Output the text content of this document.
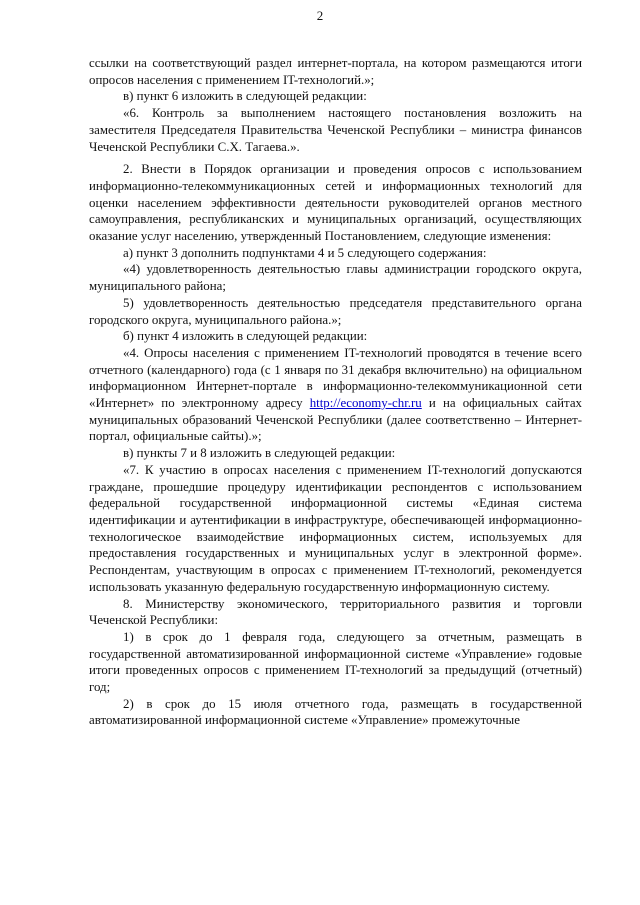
2

ссылки на соответствующий раздел интернет-портала, на котором размещаются итоги опросов населения с применением IT-технологий.»;

в) пункт 6 изложить в следующей редакции:

«6. Контроль за выполнением настоящего постановления возложить на заместителя Председателя Правительства Чеченской Республики – министра финансов Чеченской Республики С.Х. Тагаева.».

2. Внести в Порядок организации и проведения опросов с использованием информационно-телекоммуникационных сетей и информационных технологий для оценки населением эффективности деятельности руководителей органов местного самоуправления, республиканских и муниципальных организаций, осуществляющих оказание услуг населению, утвержденный Постановлением, следующие изменения:

а) пункт 3 дополнить подпунктами 4 и 5 следующего содержания:

«4) удовлетворенность деятельностью главы администрации городского округа, муниципального района;

5) удовлетворенность деятельностью председателя представительного органа городского округа, муниципального района.»;

б) пункт 4 изложить в следующей редакции:

«4. Опросы населения с применением IT-технологий проводятся в течение всего отчетного (календарного) года (с 1 января по 31 декабря включительно) на официальном информационном Интернет-портале в информационно-телекоммуникационной сети «Интернет» по электронному адресу http://economy-chr.ru и на официальных сайтах муниципальных образований Чеченской Республики (далее соответственно – Интернет-портал, официальные сайты).»;

в) пункты 7 и 8 изложить в следующей редакции:

«7. К участию в опросах населения с применением IT-технологий допускаются граждане, прошедшие процедуру идентификации респондентов с использованием федеральной государственной информационной системы «Единая система идентификации и аутентификации в инфраструктуре, обеспечивающей информационно-технологическое взаимодействие информационных систем, используемых для предоставления государственных и муниципальных услуг в электронной форме». Респондентам, участвующим в опросах с применением IT-технологий, рекомендуется использовать указанную федеральную государственную информационную систему.

8. Министерству экономического, территориального развития и торговли Чеченской Республики:

1) в срок до 1 февраля года, следующего за отчетным, размещать в государственной автоматизированной информационной системе «Управление» годовые итоги проведенных опросов с применением IT-технологий за предыдущий (отчетный) год;

2) в срок до 15 июля отчетного года, размещать в государственной автоматизированной информационной системе «Управление» промежуточные
